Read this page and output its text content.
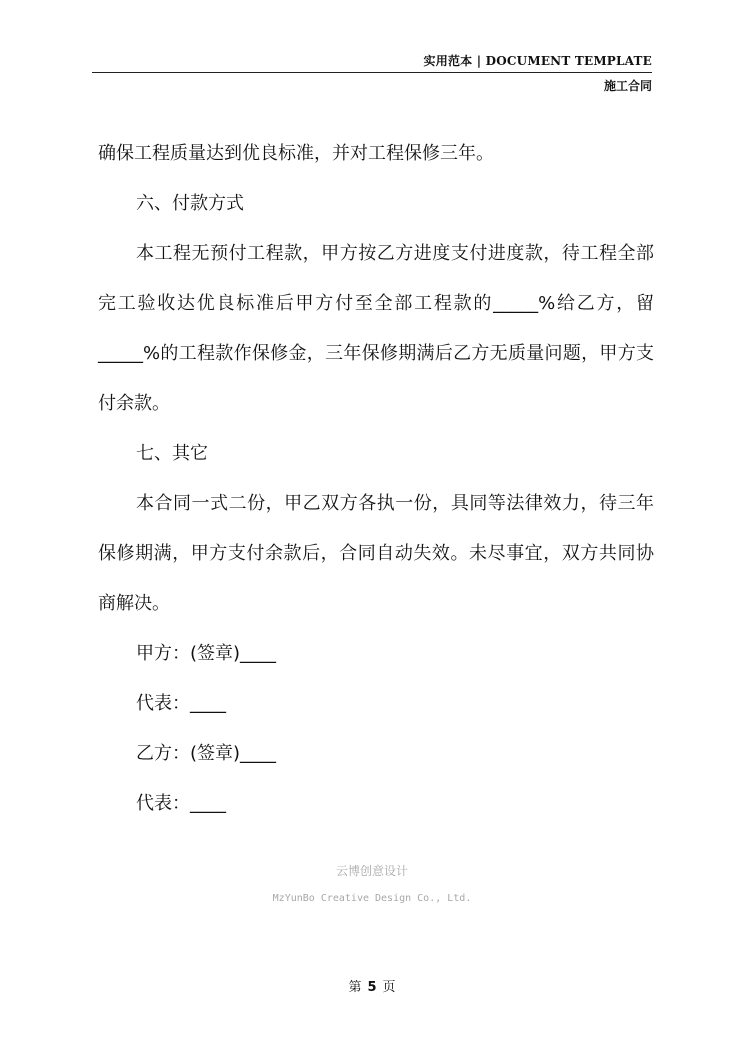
实用范本 | DOCUMENT TEMPLATE
施工合同

确保工程质量达到优良标准，并对工程保修三年。

六、付款方式

本工程无预付工程款，甲方按乙方进度支付进度款，待工程全部完工验收达优良标准后甲方付至全部工程款的_____%给乙方，留_____%的工程款作保修金，三年保修期满后乙方无质量问题，甲方支付余款。

七、其它

本合同一式二份，甲乙双方各执一份，具同等法律效力，待三年保修期满，甲方支付余款后，合同自动失效。未尽事宜，双方共同协商解决。

甲方：(签章)____

代表：____

乙方：(签章)____

代表：____

云博创意设计
MzYunBo Creative Design Co., Ltd.
第 5 页
